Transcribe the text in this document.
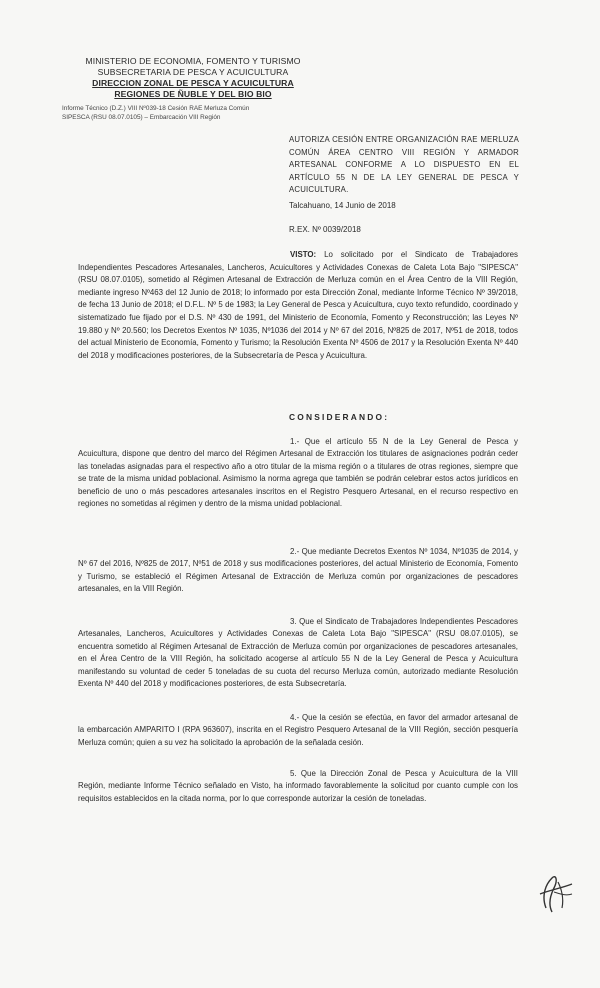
MINISTERIO DE ECONOMIA, FOMENTO Y TURISMO
SUBSECRETARIA DE PESCA Y ACUICULTURA
DIRECCION ZONAL DE PESCA Y ACUICULTURA
REGIONES DE ÑUBLE Y DEL BIO BIO
Informe Técnico (D.Z.) VIII Nº039-18 Cesión RAE Merluza Común
SIPESCA (RSU 08.07.0105) – Embarcación VIII Región
AUTORIZA CESIÓN ENTRE ORGANIZACIÓN RAE MERLUZA COMÚN ÁREA CENTRO VIII REGIÓN Y ARMADOR ARTESANAL CONFORME A LO DISPUESTO EN EL ARTÍCULO 55 N DE LA LEY GENERAL DE PESCA Y ACUICULTURA.
Talcahuano, 14 Junio de 2018
R.EX. Nº 0039/2018
VISTO: Lo solicitado por el Sindicato de Trabajadores Independientes Pescadores Artesanales, Lancheros, Acuicultores y Actividades Conexas de Caleta Lota Bajo "SIPESCA" (RSU 08.07.0105), sometido al Régimen Artesanal de Extracción de Merluza común en el Área Centro de la VIII Región, mediante ingreso Nº463 del 12 Junio de 2018; lo informado por esta Dirección Zonal, mediante Informe Técnico Nº 39/2018, de fecha 13 Junio de 2018; el D.F.L. Nº 5 de 1983; la Ley General de Pesca y Acuicultura, cuyo texto refundido, coordinado y sistematizado fue fijado por el D.S. Nº 430 de 1991, del Ministerio de Economía, Fomento y Reconstrucción; las Leyes Nº 19.880 y Nº 20.560; los Decretos Exentos Nº 1035, Nº1036 del 2014 y Nº 67 del 2016, Nº825 de 2017, Nº51 de 2018, todos del actual Ministerio de Economía, Fomento y Turismo; la Resolución Exenta Nº 4506 de 2017 y la Resolución Exenta Nº 440 del 2018 y modificaciones posteriores, de la Subsecretaría de Pesca y Acuicultura.
CONSIDERANDO:
1.- Que el artículo 55 N de la Ley General de Pesca y Acuicultura, dispone que dentro del marco del Régimen Artesanal de Extracción los titulares de asignaciones podrán ceder las toneladas asignadas para el respectivo año a otro titular de la misma región o a titulares de otras regiones, siempre que se trate de la misma unidad poblacional. Asimismo la norma agrega que también se podrán celebrar estos actos jurídicos en beneficio de uno o más pescadores artesanales inscritos en el Registro Pesquero Artesanal, en el recurso respectivo en regiones no sometidas al régimen y dentro de la misma unidad poblacional.
2.- Que mediante Decretos Exentos Nº 1034, Nº1035 de 2014, y Nº 67 del 2016, Nº825 de 2017, Nº51 de 2018 y sus modificaciones posteriores, del actual Ministerio de Economía, Fomento y Turismo, se estableció el Régimen Artesanal de Extracción de Merluza común por organizaciones de pescadores artesanales, en la VIII Región.
3. Que el Sindicato de Trabajadores Independientes Pescadores Artesanales, Lancheros, Acuicultores y Actividades Conexas de Caleta Lota Bajo "SIPESCA" (RSU 08.07.0105), se encuentra sometido al Régimen Artesanal de Extracción de Merluza común por organizaciones de pescadores artesanales, en el Área Centro de la VIII Región, ha solicitado acogerse al artículo 55 N de la Ley General de Pesca y Acuicultura manifestando su voluntad de ceder 5 toneladas de su cuota del recurso Merluza común, autorizado mediante Resolución Exenta Nº 440 del 2018 y modificaciones posteriores, de esta Subsecretaría.
4.- Que la cesión se efectúa, en favor del armador artesanal de la embarcación AMPARITO I (RPA 963607), inscrita en el Registro Pesquero Artesanal de la VIII Región, sección pesquería Merluza común; quien a su vez ha solicitado la aprobación de la señalada cesión.
5. Que la Dirección Zonal de Pesca y Acuicultura de la VIII Región, mediante Informe Técnico señalado en Visto, ha informado favorablemente la solicitud por cuanto cumple con los requisitos establecidos en la citada norma, por lo que corresponde autorizar la cesión de toneladas.
